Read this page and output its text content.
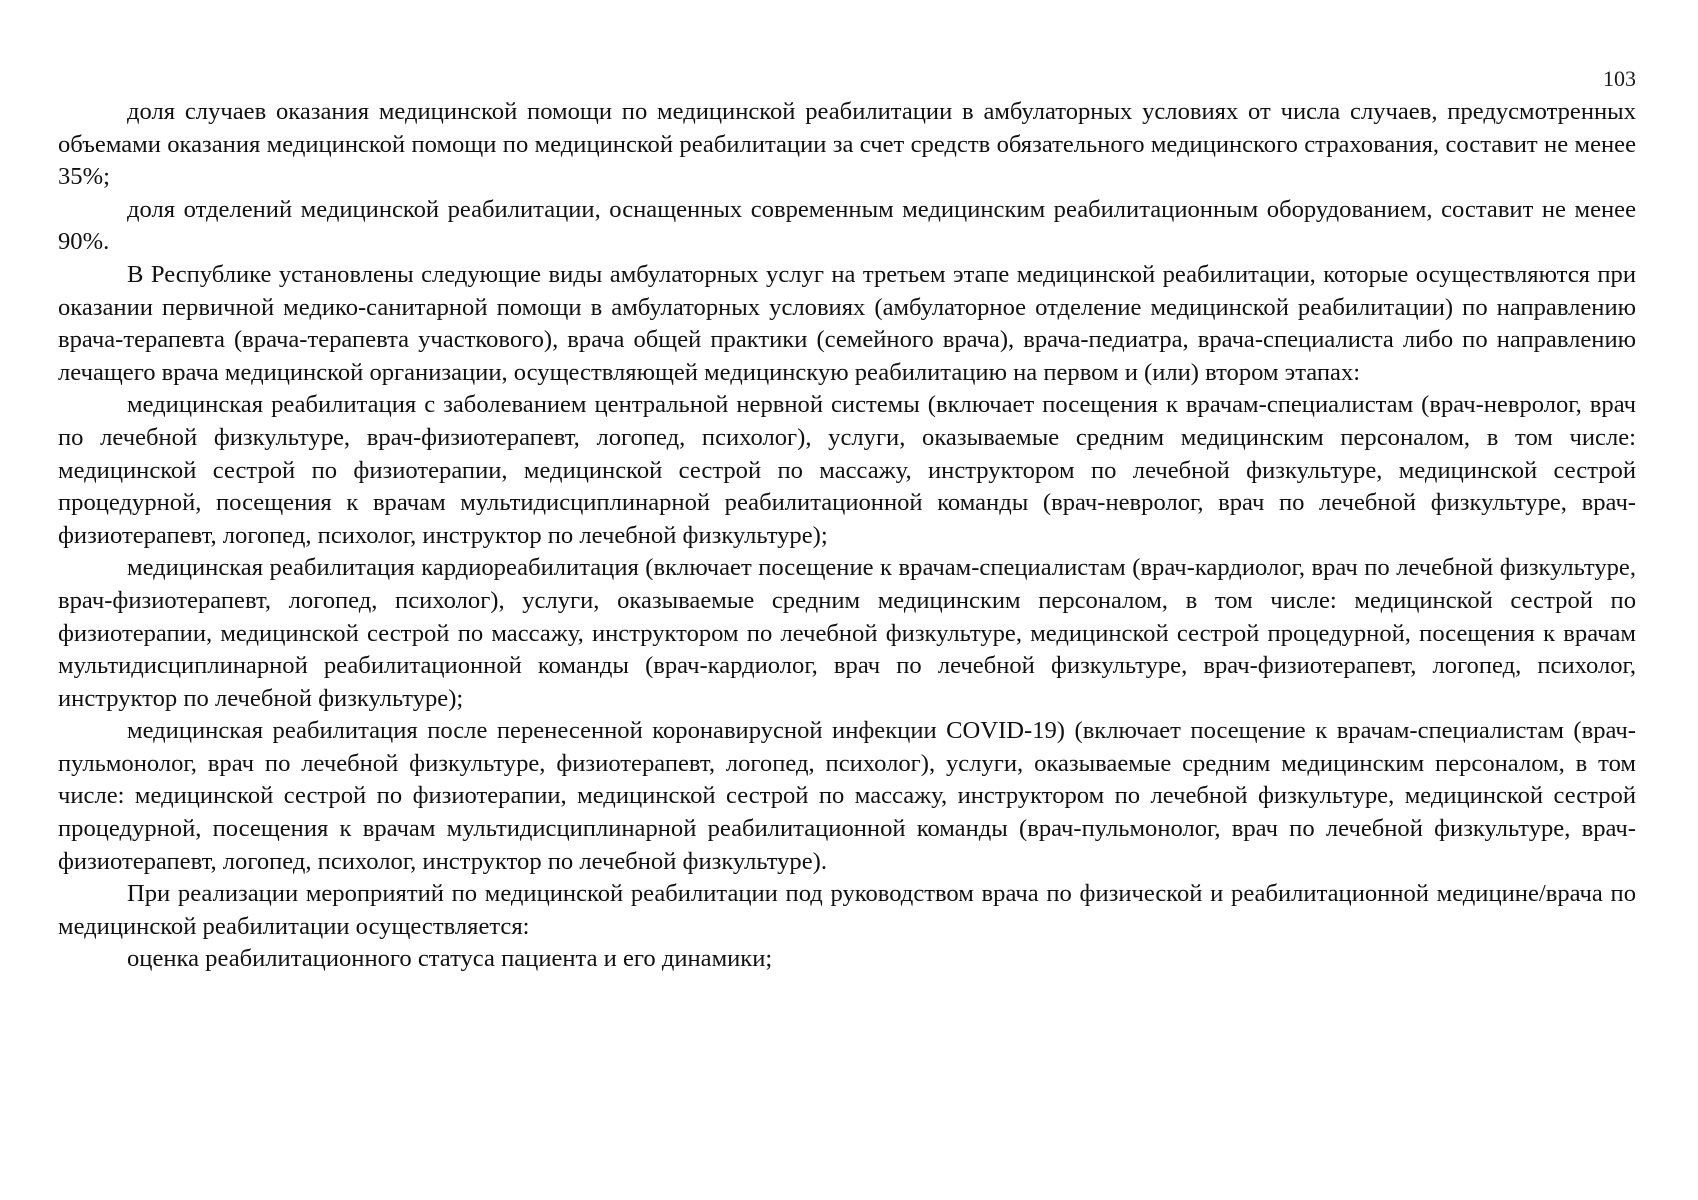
103

доля случаев оказания медицинской помощи по медицинской реабилитации в амбулаторных условиях от числа случаев, предусмотренных объемами оказания медицинской помощи по медицинской реабилитации за счет средств обязательного медицинского страхования, составит не менее 35%;

доля отделений медицинской реабилитации, оснащенных современным медицинским реабилитационным оборудованием, составит не менее 90%.

В Республике установлены следующие виды амбулаторных услуг на третьем этапе медицинской реабилитации, которые осуществляются при оказании первичной медико-санитарной помощи в амбулаторных условиях (амбулаторное отделение медицинской реабилитации) по направлению врача-терапевта (врача-терапевта участкового), врача общей практики (семейного врача), врача-педиатра, врача-специалиста либо по направлению лечащего врача медицинской организации, осуществляющей медицинскую реабилитацию на первом и (или) втором этапах:

медицинская реабилитация с заболеванием центральной нервной системы (включает посещения к врачам-специалистам (врач-невролог, врач по лечебной физкультуре, врач-физиотерапевт, логопед, психолог), услуги, оказываемые средним медицинским персоналом, в том числе: медицинской сестрой по физиотерапии, медицинской сестрой по массажу, инструктором по лечебной физкультуре, медицинской сестрой процедурной, посещения к врачам мультидисциплинарной реабилитационной команды (врач-невролог, врач по лечебной физкультуре, врач-физиотерапевт, логопед, психолог, инструктор по лечебной физкультуре);

медицинская реабилитация кардиореабилитация (включает посещение к врачам-специалистам (врач-кардиолог, врач по лечебной физкультуре, врач-физиотерапевт, логопед, психолог), услуги, оказываемые средним медицинским персоналом, в том числе: медицинской сестрой по физиотерапии, медицинской сестрой по массажу, инструктором по лечебной физкультуре, медицинской сестрой процедурной, посещения к врачам мультидисциплинарной реабилитационной команды (врач-кардиолог, врач по лечебной физкультуре, врач-физиотерапевт, логопед, психолог, инструктор по лечебной физкультуре);

медицинская реабилитация после перенесенной коронавирусной инфекции COVID-19) (включает посещение к врачам-специалистам (врач-пульмонолог, врач по лечебной физкультуре, физиотерапевт, логопед, психолог), услуги, оказываемые средним медицинским персоналом, в том числе: медицинской сестрой по физиотерапии, медицинской сестрой по массажу, инструктором по лечебной физкультуре, медицинской сестрой процедурной, посещения к врачам мультидисциплинарной реабилитационной команды (врач-пульмонолог, врач по лечебной физкультуре, врач-физиотерапевт, логопед, психолог, инструктор по лечебной физкультуре).

При реализации мероприятий по медицинской реабилитации под руководством врача по физической и реабилитационной медицине/врача по медицинской реабилитации осуществляется:

оценка реабилитационного статуса пациента и его динамики;
